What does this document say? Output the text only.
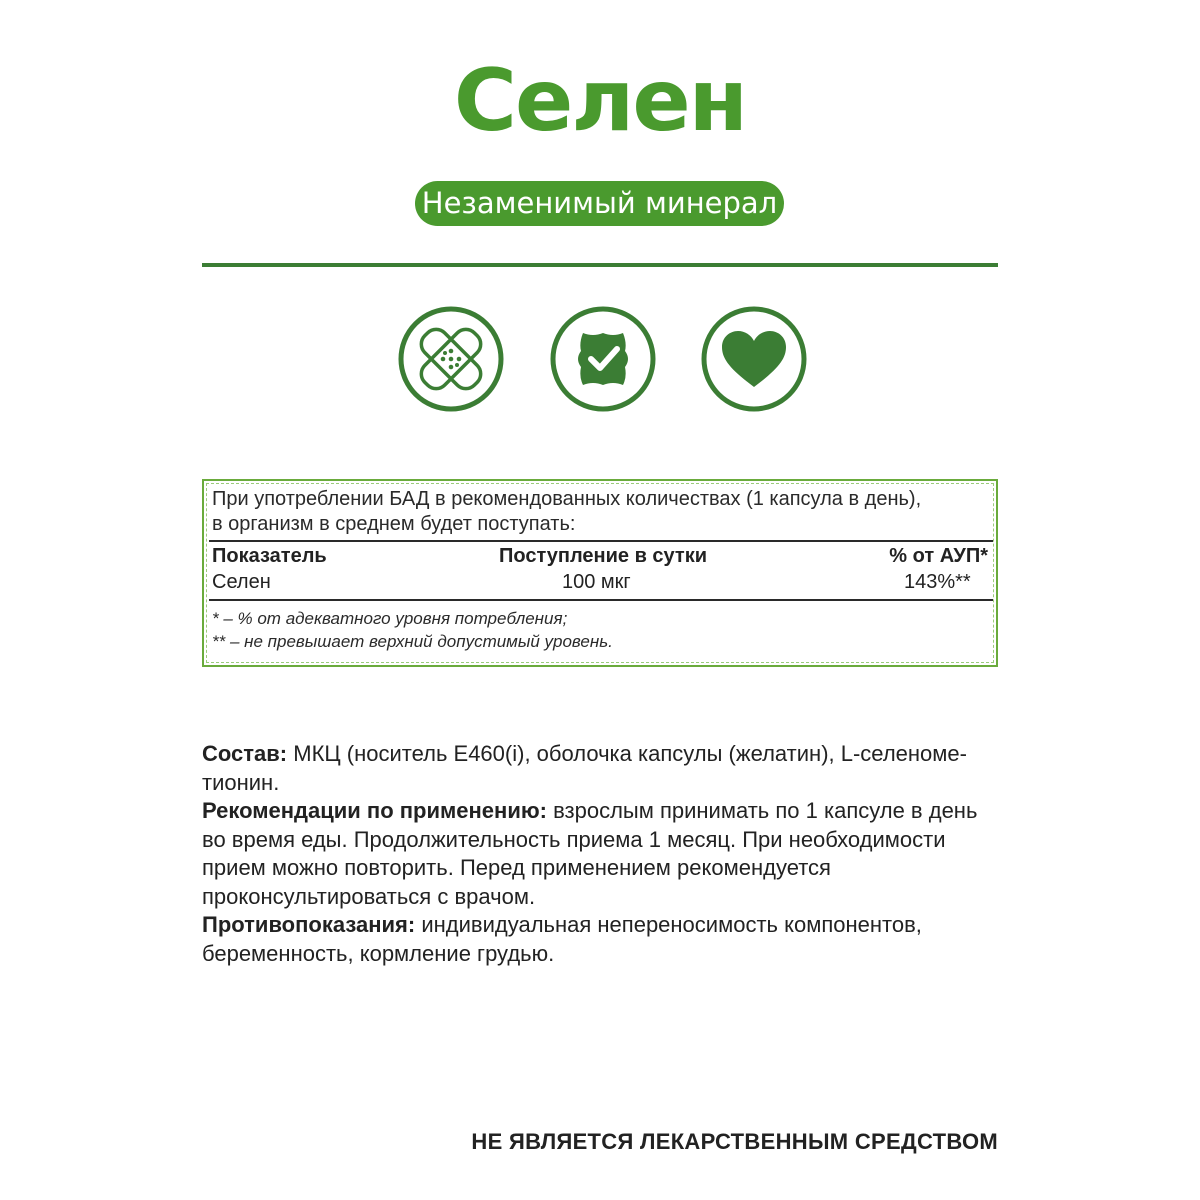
Селен
Незаменимый минерал
При употреблении БАД в рекомендованных количествах (1 капсула в день),
в организм в среднем будет поступать:
Показатель	Поступление в сутки	% от АУП*
Селен	100 мкг	143%**
* – % от адекватного уровня потребления;
** – не превышает верхний допустимый уровень.
Состав: МКЦ (носитель Е460(i), оболочка капсулы (желатин), L-селеноме-
тионин.
Рекомендации по применению: взрослым принимать по 1 капсуле в день
во время еды. Продолжительность приема 1 месяц. При необходимости
прием можно повторить. Перед применением рекомендуется
проконсультироваться с врачом.
Противопоказания: индивидуальная непереносимость компонентов,
беременность, кормление грудью.
НЕ ЯВЛЯЕТСЯ ЛЕКАРСТВЕННЫМ СРЕДСТВОМ
